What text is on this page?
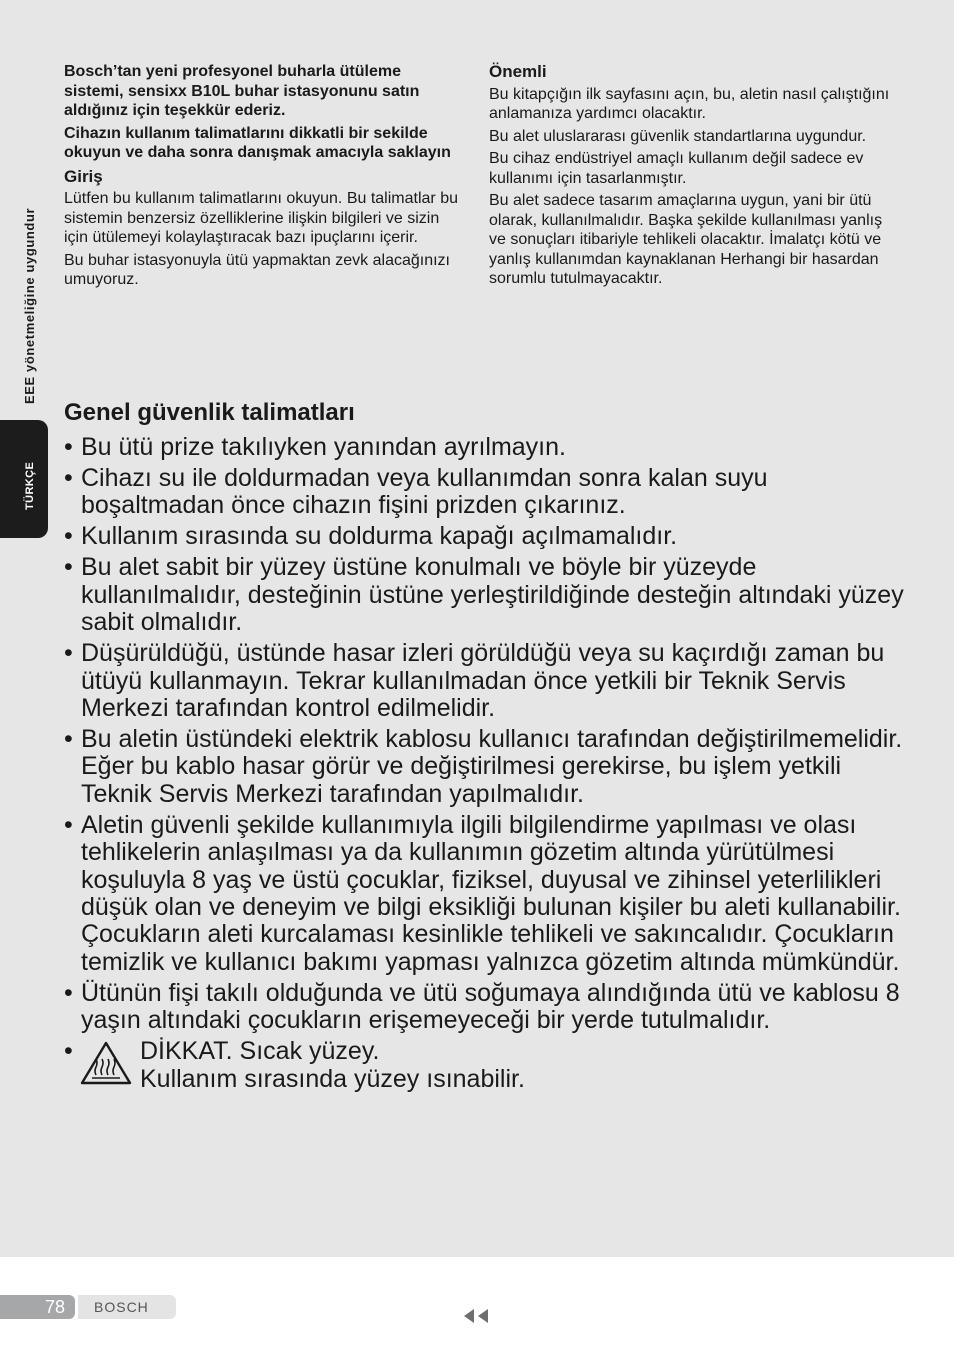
EEE yönetmeliğine uygundur
TÜRKÇE

Bosch’tan yeni profesyonel buharla ütüleme sistemi, sensixx B10L buhar istasyonunu satın aldığınız için teşekkür ederiz.

Cihazın kullanım talimatlarını dikkatli bir sekilde okuyun ve daha sonra danışmak amacıyla saklayın

Giriş

Lütfen bu kullanım talimatlarını okuyun. Bu talimatlar bu sistemin benzersiz özelliklerine ilişkin bilgileri ve sizin için ütülemeyi kolaylaştıracak bazı ipuçlarını içerir.

Bu buhar istasyonuyla ütü yapmaktan zevk alacağınızı umuyoruz.

Önemli

Bu kitapçığın ilk sayfasını açın, bu, aletin nasıl çalıştığını anlamanıza yardımcı olacaktır.

Bu alet uluslararası güvenlik standartlarına uygundur.

Bu cihaz endüstriyel amaçlı kullanım değil sadece ev kullanımı için tasarlanmıştır.

Bu alet sadece tasarım amaçlarına uygun, yani bir ütü olarak, kullanılmalıdır. Başka şekilde kullanılması yanlış ve sonuçları itibariyle tehlikeli olacaktır. İmalatçı kötü ve yanlış kullanımdan kaynaklanan Herhangi bir hasardan sorumlu tutulmayacaktır.

Genel güvenlik talimatları
• Bu ütü prize takılıyken yanından ayrılmayın.
• Cihazı su ile doldurmadan veya kullanımdan sonra kalan suyu boşaltmadan önce cihazın fişini prizden çıkarınız.
• Kullanım sırasında su doldurma kapağı açılmamalıdır.
• Bu alet sabit bir yüzey üstüne konulmalı ve böyle bir yüzeyde kullanılmalıdır, desteğinin üstüne yerleştirildiğinde desteğin altındaki yüzey sabit olmalıdır.
• Düşürüldüğü, üstünde hasar izleri görüldüğü veya su kaçırdığı zaman bu ütüyü kullanmayın. Tekrar kullanılmadan önce yetkili bir Teknik Servis Merkezi tarafından kontrol edilmelidir.
• Bu aletin üstündeki elektrik kablosu kullanıcı tarafından değiştirilmemelidir. Eğer bu kablo hasar görür ve değiştirilmesi gerekirse, bu işlem yetkili Teknik Servis Merkezi tarafından yapılmalıdır.
• Aletin güvenli şekilde kullanımıyla ilgili bilgilendirme yapılması ve olası tehlikelerin anlaşılması ya da kullanımın gözetim altında yürütülmesi koşuluyla 8 yaş ve üstü çocuklar, fiziksel, duyusal ve zihinsel yeterlilikleri düşük olan ve deneyim ve bilgi eksikliği bulunan kişiler bu aleti kullanabilir. Çocukların aleti kurcalaması kesinlikle tehlikeli ve sakıncalıdır. Çocukların temizlik ve kullanıcı bakımı yapması yalnızca gözetim altında mümkündür.
• Ütünün fişi takılı olduğunda ve ütü soğumaya alındığında ütü ve kablosu 8 yaşın altındaki çocukların erişemeyeceği bir yerde tutulmalıdır.
• DİKKAT. Sıcak yüzey.
Kullanım sırasında yüzey ısınabilir.
78 BOSCH
